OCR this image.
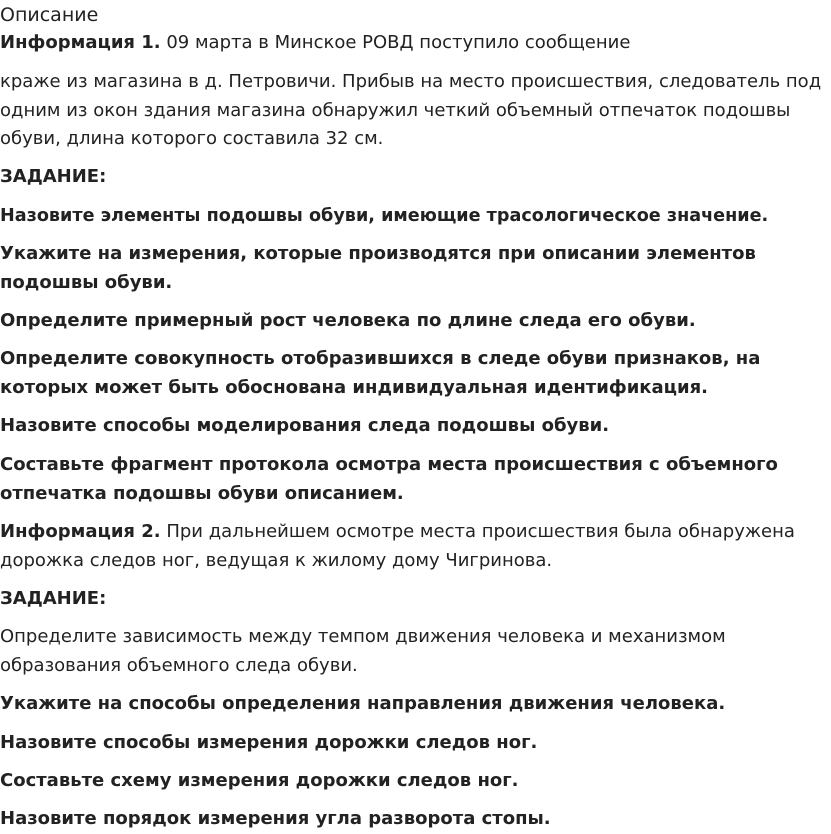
Описание

Информация 1. 09 марта в Минское РОВД поступило сообщение

краже из магазина в д. Петровичи. Прибыв на место происшествия, следователь под одним из окон здания магазина обнаружил четкий объемный отпечаток подошвы обуви, длина которого составила 32 см.

ЗАДАНИЕ:

Назовите элементы подошвы обуви, имеющие трасологическое значение.

Укажите на измерения, которые производятся при описании элементов подошвы обуви.

Определите примерный рост человека по длине следа его обуви.

Определите совокупность отобразившихся в следе обуви признаков, на которых может быть обоснована индивидуальная идентификация.

Назовите способы моделирования следа подошвы обуви.

Составьте фрагмент протокола осмотра места происшествия с объемного отпечатка подошвы обуви описанием.

Информация 2. При дальнейшем осмотре места происшествия была обнаружена дорожка следов ног, ведущая к жилому дому Чигринова.

ЗАДАНИЕ:

Определите зависимость между темпом движения человека и механизмом образования объемного следа обуви.

Укажите на способы определения направления движения человека.

Назовите способы измерения дорожки следов ног.

Составьте схему измерения дорожки следов ног.

Назовите порядок измерения угла разворота стопы.
